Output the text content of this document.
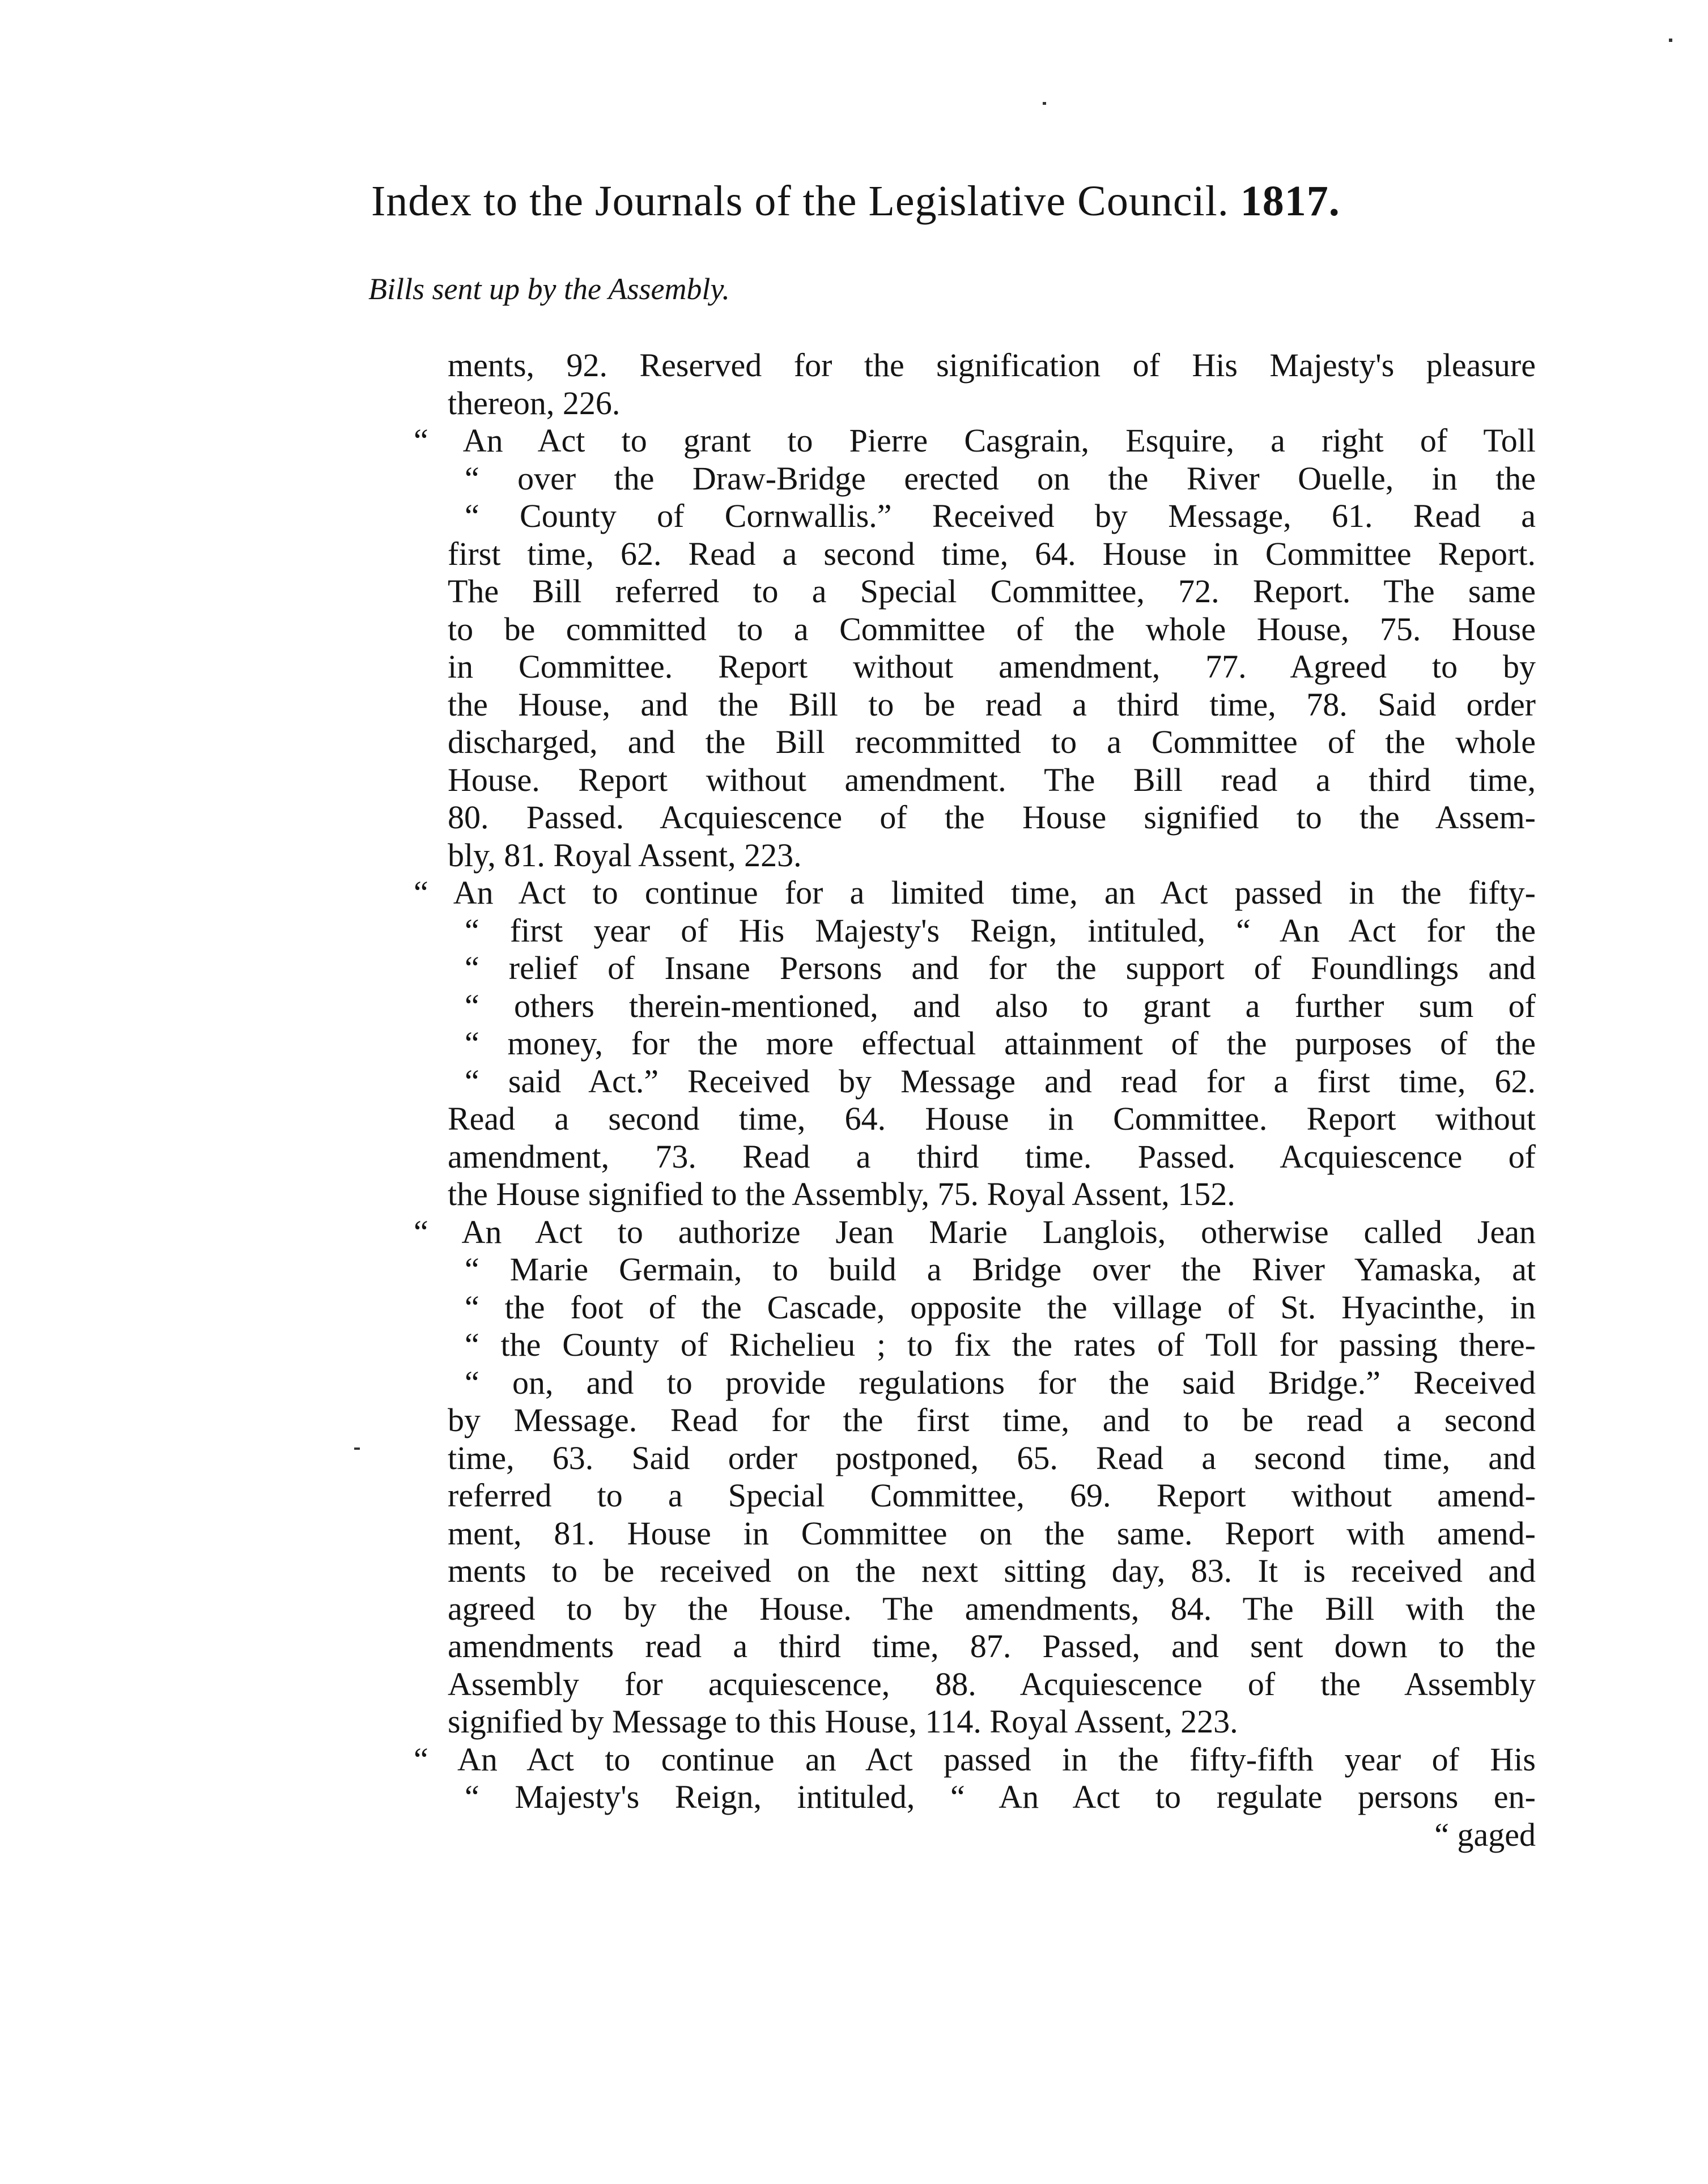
Index to the Journals of the Legislative Council. 1817.
Bills sent up by the Assembly.
ments, 92. Reserved for the signification of His Majesty's pleasure
thereon, 226.
“ An Act to grant to Pierre Casgrain, Esquire, a right of Toll
“ over the Draw-Bridge erected on the River Ouelle, in the
“ County of Cornwallis.” Received by Message, 61. Read a
first time, 62. Read a second time, 64. House in Committee Report.
The Bill referred to a Special Committee, 72. Report. The same
to be committed to a Committee of the whole House, 75. House
in Committee. Report without amendment, 77. Agreed to by
the House, and the Bill to be read a third time, 78. Said order
discharged, and the Bill recommitted to a Committee of the whole
House. Report without amendment. The Bill read a third time,
80. Passed. Acquiescence of the House signified to the Assem-
bly, 81. Royal Assent, 223.
“ An Act to continue for a limited time, an Act passed in the fifty-
“ first year of His Majesty's Reign, intituled, “ An Act for the
“ relief of Insane Persons and for the support of Foundlings and
“ others therein-mentioned, and also to grant a further sum of
“ money, for the more effectual attainment of the purposes of the
“ said Act.” Received by Message and read for a first time, 62.
Read a second time, 64. House in Committee. Report without
amendment, 73. Read a third time. Passed. Acquiescence of
the House signified to the Assembly, 75. Royal Assent, 152.
“ An Act to authorize Jean Marie Langlois, otherwise called Jean
“ Marie Germain, to build a Bridge over the River Yamaska, at
“ the foot of the Cascade, opposite the village of St. Hyacinthe, in
“ the County of Richelieu ; to fix the rates of Toll for passing there-
“ on, and to provide regulations for the said Bridge.” Received
by Message. Read for the first time, and to be read a second
time, 63. Said order postponed, 65. Read a second time, and
referred to a Special Committee, 69. Report without amend-
ment, 81. House in Committee on the same. Report with amend-
ments to be received on the next sitting day, 83. It is received and
agreed to by the House. The amendments, 84. The Bill with the
amendments read a third time, 87. Passed, and sent down to the
Assembly for acquiescence, 88. Acquiescence of the Assembly
signified by Message to this House, 114. Royal Assent, 223.
“ An Act to continue an Act passed in the fifty-fifth year of His
“ Majesty's Reign, intituled, “ An Act to regulate persons en-
“ gaged
